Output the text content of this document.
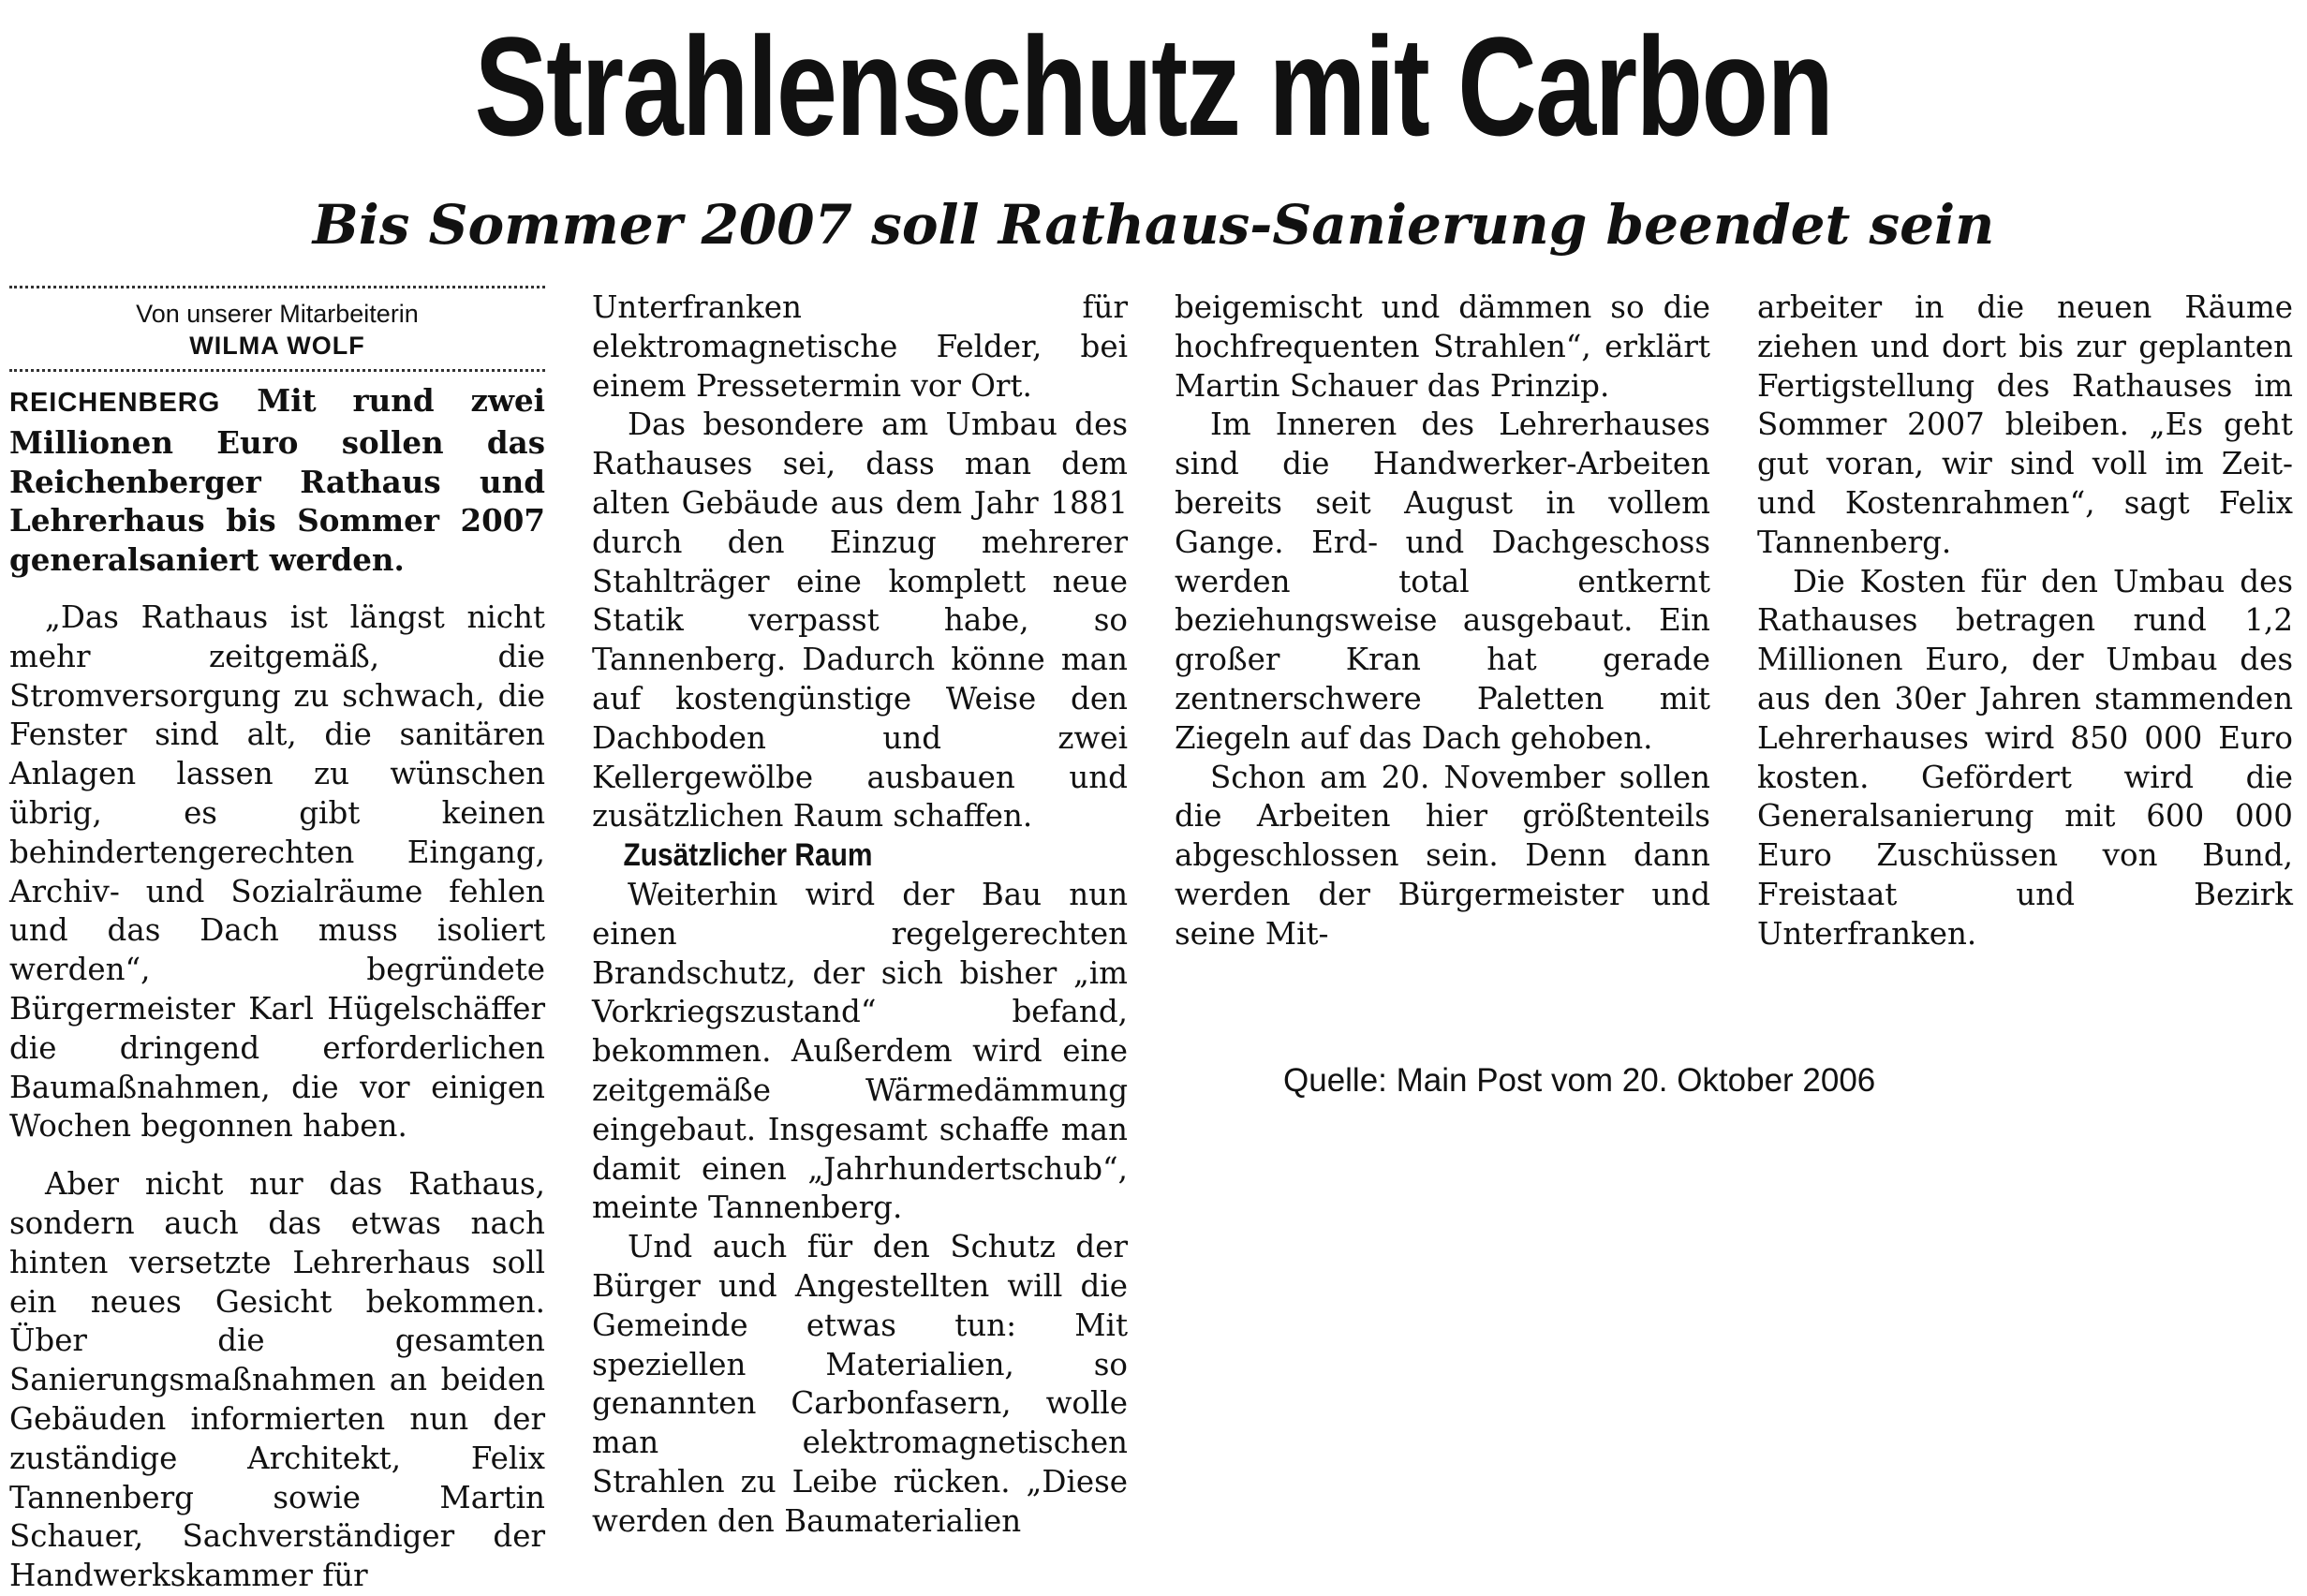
Strahlenschutz mit Carbon
Bis Sommer 2007 soll Rathaus-Sanierung beendet sein
Von unserer Mitarbeiterin
WILMA WOLF

REICHENBERG Mit rund zwei Millionen Euro sollen das Reichenberger Rathaus und Lehrerhaus bis Sommer 2007 generalsaniert werden.

„Das Rathaus ist längst nicht mehr zeitgemäß, die Stromversorgung zu schwach, die Fenster sind alt, die sanitären Anlagen lassen zu wünschen übrig, es gibt keinen behindertengerechten Eingang, Archiv- und Sozialräume fehlen und das Dach muss isoliert werden“, begründete Bürgermeister Karl Hügelschäffer die dringend erforderlichen Baumaßnahmen, die vor einigen Wochen begonnen haben.

Aber nicht nur das Rathaus, sondern auch das etwas nach hinten versetzte Lehrerhaus soll ein neues Gesicht bekommen. Über die gesamten Sanierungsmaßnahmen an beiden Gebäuden informierten nun der zuständige Architekt, Felix Tannenberg sowie Martin Schauer, Sachverständiger der Handwerkskammer für

Unterfranken für elektromagnetische Felder, bei einem Pressetermin vor Ort.

Das besondere am Umbau des Rathauses sei, dass man dem alten Gebäude aus dem Jahr 1881 durch den Einzug mehrerer Stahlträger eine komplett neue Statik verpasst habe, so Tannenberg. Dadurch könne man auf kostengünstige Weise den Dachboden und zwei Kellergewölbe ausbauen und zusätzlichen Raum schaffen.

Zusätzlicher Raum

Weiterhin wird der Bau nun einen regelgerechten Brandschutz, der sich bisher „im Vorkriegszustand“ befand, bekommen. Außerdem wird eine zeitgemäße Wärmedämmung eingebaut. Insgesamt schaffe man damit einen „Jahrhundertschub“, meinte Tannenberg.

Und auch für den Schutz der Bürger und Angestellten will die Gemeinde etwas tun: Mit speziellen Materialien, so genannten Carbonfasern, wolle man elektromagnetischen Strahlen zu Leibe rücken. „Diese werden den Baumaterialien

beigemischt und dämmen so die hochfrequenten Strahlen“, erklärt Martin Schauer das Prinzip.

Im Inneren des Lehrerhauses sind die Handwerker-Arbeiten bereits seit August in vollem Gange. Erd- und Dachgeschoss werden total entkernt beziehungsweise ausgebaut. Ein großer Kran hat gerade zentnerschwere Paletten mit Ziegeln auf das Dach gehoben.

Schon am 20. November sollen die Arbeiten hier größtenteils abgeschlossen sein. Denn dann werden der Bürgermeister und seine Mit-

arbeiter in die neuen Räume ziehen und dort bis zur geplanten Fertigstellung des Rathauses im Sommer 2007 bleiben. „Es geht gut voran, wir sind voll im Zeit- und Kostenrahmen“, sagt Felix Tannenberg.

Die Kosten für den Umbau des Rathauses betragen rund 1,2 Millionen Euro, der Umbau des aus den 30er Jahren stammenden Lehrerhauses wird 850 000 Euro kosten. Gefördert wird die Generalsanierung mit 600 000 Euro Zuschüssen von Bund, Freistaat und Bezirk Unterfranken.

Quelle: Main Post vom 20. Oktober 2006
